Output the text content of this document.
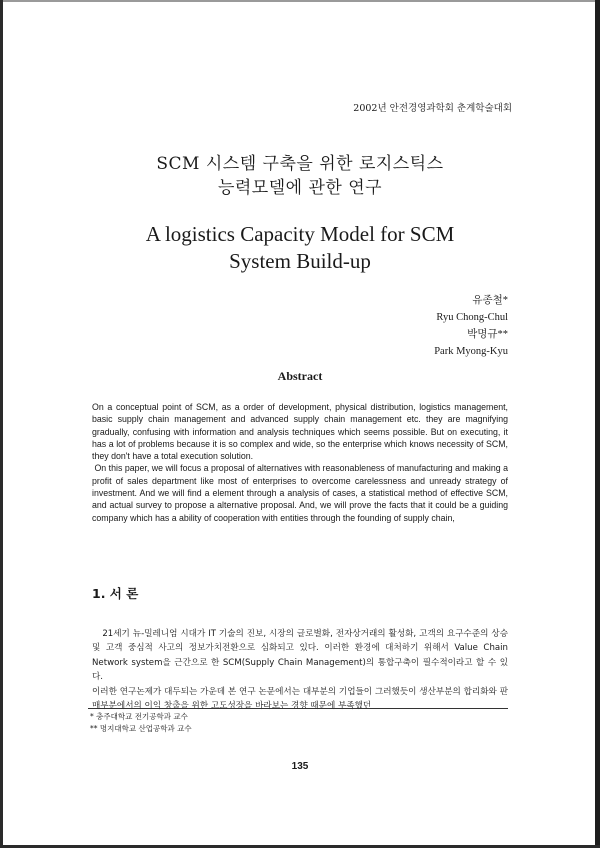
2002년 안전경영과학회 춘계학술대회
SCM 시스템 구축을 위한 로지스틱스
능력모델에 관한 연구
A logistics Capacity Model for SCM
System Build-up
유종철*
Ryu Chong-Chul
박명규**
Park Myong-Kyu
Abstract

On a conceptual point of SCM, as a order of development, physical distribution, logistics management, basic supply chain management and advanced supply chain management etc. they are magnifying gradually, confusing with information and analysis techniques which seems possible. But on executing, it has a lot of problems because it is so complex and wide, so the enterprise which knows necessity of SCM, they don't have a total execution solution.

On this paper, we will focus a proposal of alternatives with reasonableness of manufacturing and making a profit of sales department like most of enterprises to overcome carelessness and unready strategy of investment. And we will find a element through a analysis of cases, a statistical method of effective SCM, and actual survey to propose a alternative proposal. And, we will prove the facts that it could be a guiding company which has a ability of cooperation with entities through the founding of supply chain,

1. 서 론

21세기 뉴-밀레니엄 시대가 IT 기술의 진보, 시장의 글로벌화, 전자상거래의 활성화, 고객의 요구수준의 상승 및 고객 중심적 사고의 정보가치전환으로 심화되고 있다. 이러한 환경에 대처하기 위해서 Value Chain Network system을 근간으로 한 SCM(Supply Chain Management)의 통합구축이 필수적이라고 할 수 있다.

이러한 연구논제가 대두되는 가운데 본 연구 논문에서는 대부분의 기업들이 그러했듯이 생산부분의 합리화와 판매부분에서의 이익 창출을 위한 고도성장을 바라보는 경향 때문에 부족했던

* 충주대학교 전기공학과 교수
** 명지대학교 산업공학과 교수
135
